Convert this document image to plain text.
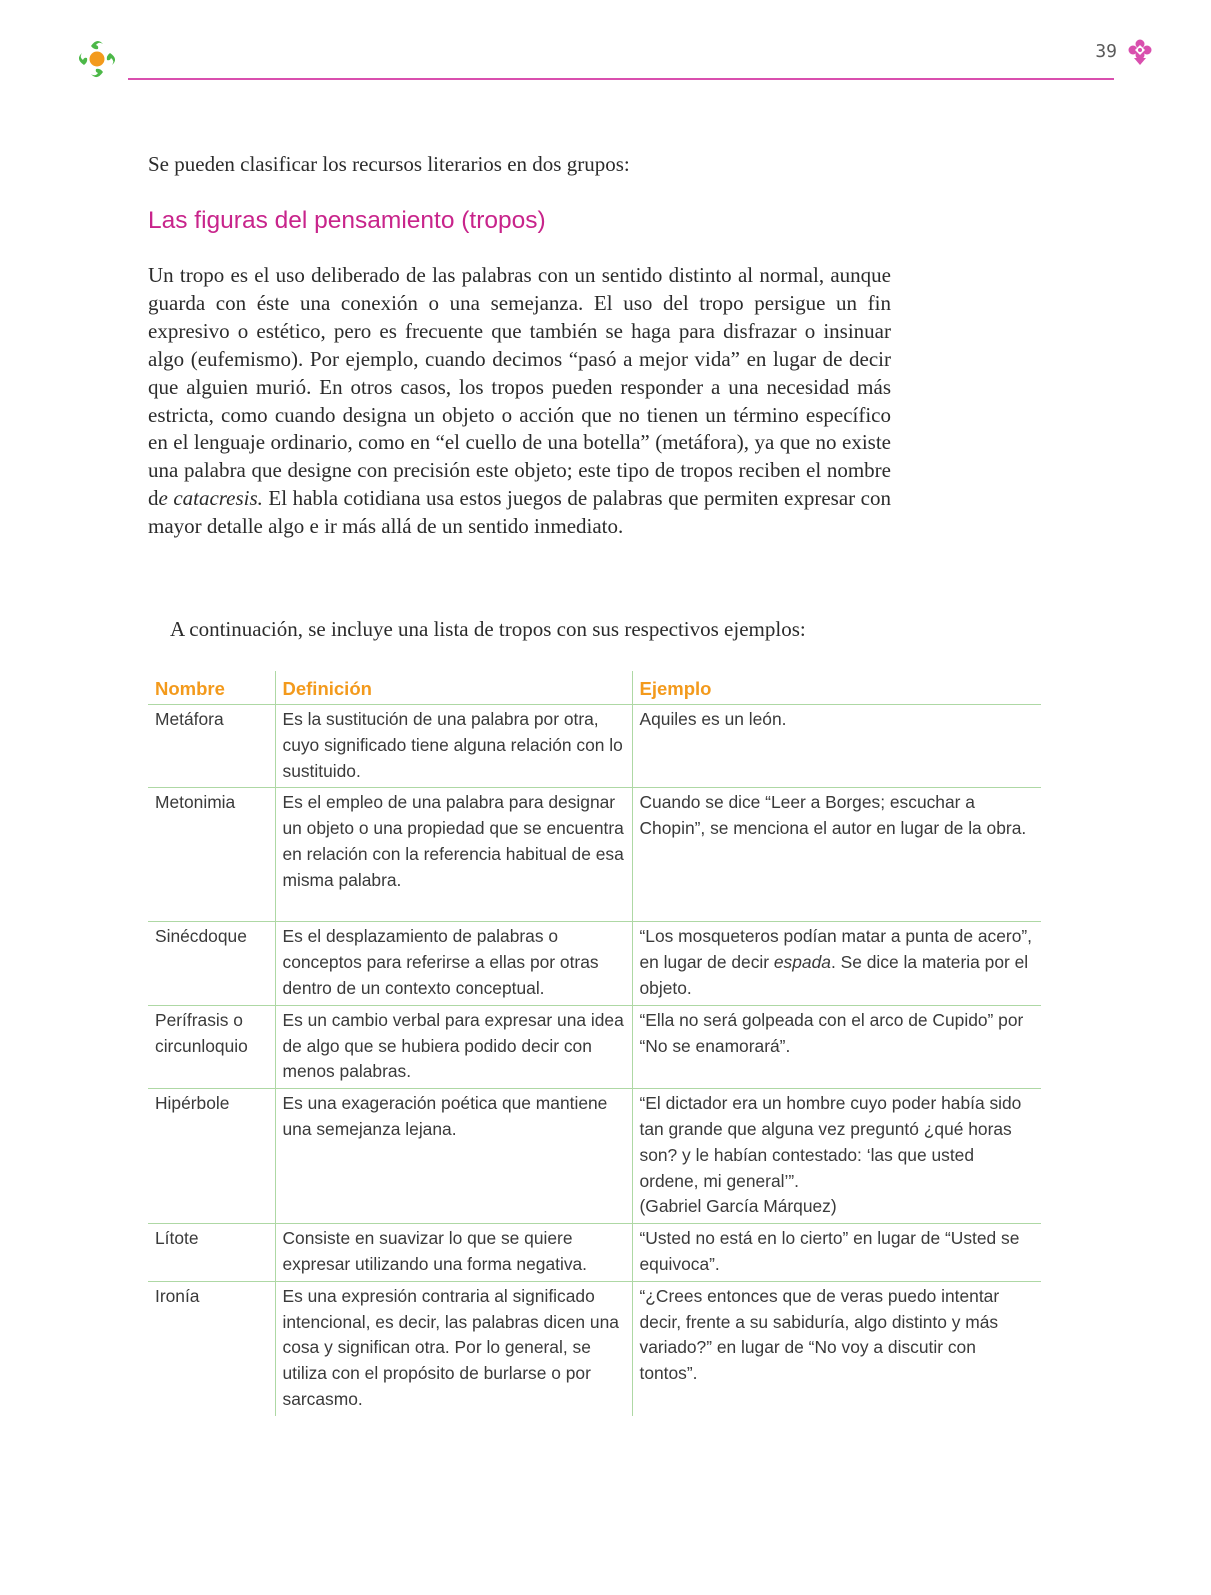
39

Se pueden clasificar los recursos literarios en dos grupos:

Las figuras del pensamiento (tropos)

Un tropo es el uso deliberado de las palabras con un sentido distinto al normal, aunque guarda con éste una conexión o una semejanza. El uso del tropo persigue un fin expresivo o estético, pero es frecuente que también se haga para disfrazar o insinuar algo (eufemismo). Por ejemplo, cuando decimos “pasó a mejor vida” en lugar de decir que alguien murió. En otros casos, los tropos pueden responder a una necesidad más estricta, como cuando designa un objeto o acción que no tienen un término específico en el lenguaje ordinario, como en “el cuello de una botella” (metáfora), ya que no existe una palabra que designe con precisión este objeto; este tipo de tropos reciben el nombre de catacresis. El habla cotidiana usa estos juegos de palabras que permiten expresar con mayor detalle algo e ir más allá de un sentido inmediato.

A continuación, se incluye una lista de tropos con sus respectivos ejemplos:

Nombre	Definición	Ejemplo
Metáfora	Es la sustitución de una palabra por otra, cuyo significado tiene alguna relación con lo sustituido.	Aquiles es un león.
Metonimia	Es el empleo de una palabra para designar un objeto o una propiedad que se encuentra en relación con la referencia habitual de esa misma palabra.	Cuando se dice “Leer a Borges; escuchar a Chopin”, se menciona el autor en lugar de la obra.
Sinécdoque	Es el desplazamiento de palabras o conceptos para referirse a ellas por otras dentro de un contexto conceptual.	“Los mosqueteros podían matar a punta de acero”, en lugar de decir espada. Se dice la materia por el objeto.
Perífrasis o circunloquio	Es un cambio verbal para expresar una idea de algo que se hubiera podido decir con menos palabras.	“Ella no será golpeada con el arco de Cupido” por “No se enamorará”.
Hipérbole	Es una exageración poética que mantiene una semejanza lejana.	“El dictador era un hombre cuyo poder había sido tan grande que alguna vez preguntó ¿qué horas son? y le habían contestado: ‘las que usted ordene, mi general’”.
(Gabriel García Márquez)

Lítote	Consiste en suavizar lo que se quiere expresar utilizando una forma negativa.	“Usted no está en lo cierto” en lugar de “Usted se equivoca”.
Ironía	Es una expresión contraria al significado intencional, es decir, las palabras dicen una cosa y significan otra. Por lo general, se utiliza con el propósito de burlarse o por sarcasmo.	“¿Crees entonces que de veras puedo intentar decir, frente a su sabiduría, algo distinto y más variado?” en lugar de “No voy a discutir con tontos”.
